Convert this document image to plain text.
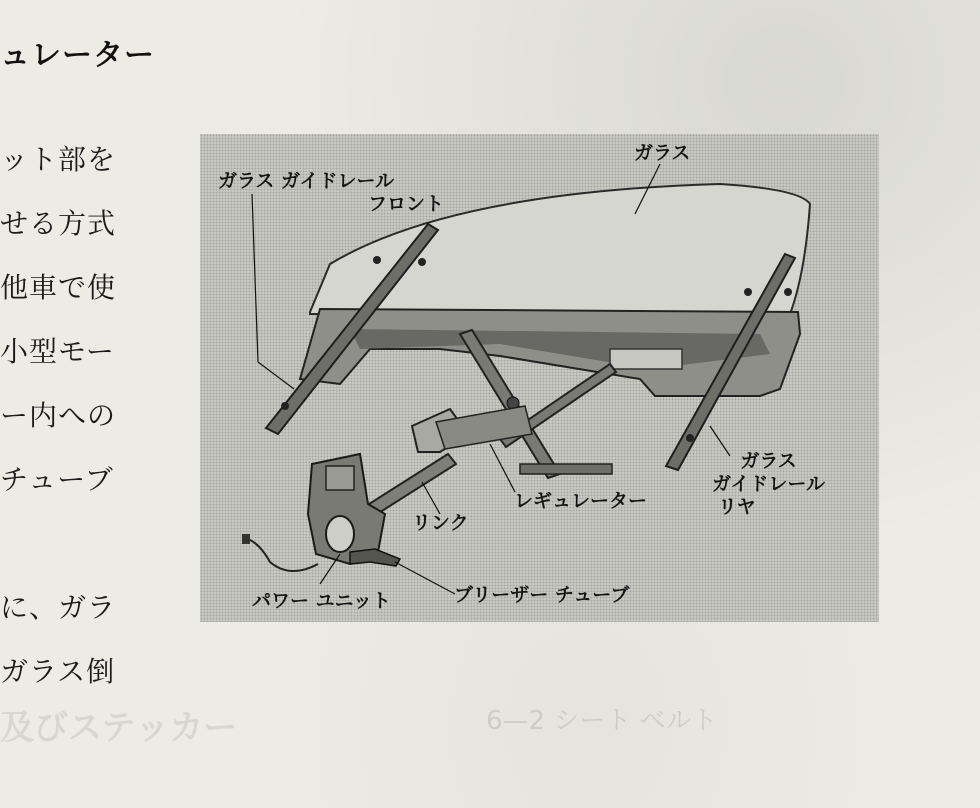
及びステッカー	6—2 シート ベルト
ュレーター
ット部を
せる方式
他車で使
小型モー
ー内への
チューブ
に、ガラ
ガラス倒
ガラス ガイドレール
フロント
ガラス
ガラス
ガイドレール
リヤ
レギュレーター
リンク
パワー ユニット	ブリーザー チューブ
